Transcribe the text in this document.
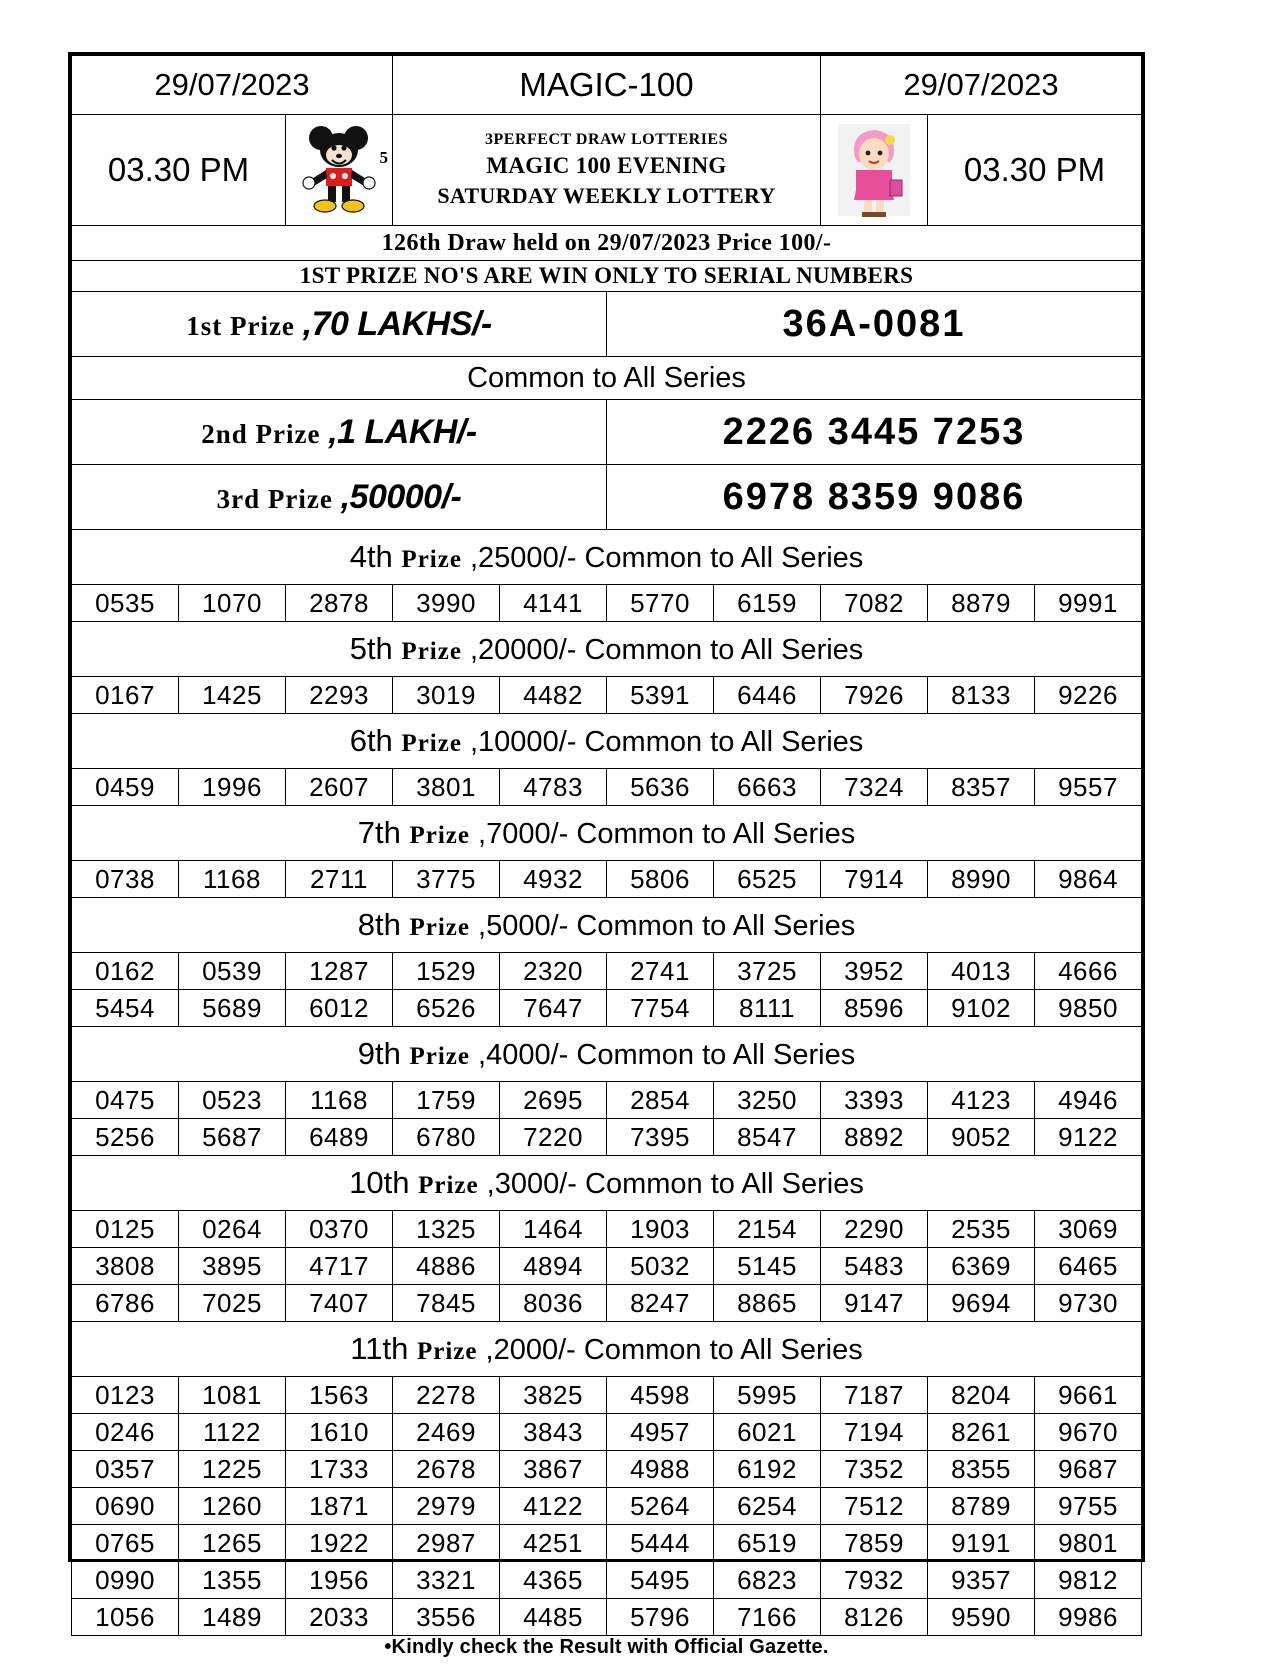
29/07/2023			MAGIC-100				29/07/2023		
03.30 PM		5	3PERFECT DRAW LOTTERIES
MAGIC 100 EVENING
SATURDAY WEEKLY LOTTERY					03.30 PM	
126th Draw held on 29/07/2023 Price 100/-									
1ST PRIZE NO'S ARE WIN ONLY TO SERIAL NUMBERS									
1st Prize ,70 LAKHS/-					36A-0081				
Common to All Series									
2nd Prize ,1 LAKH/-					2226 3445 7253				
3rd Prize ,50000/-					6978 8359 9086				
4th Prize ,25000/- Common to All Series									
0535	1070	2878	3990	4141	5770	6159	7082	8879	9991
5th Prize ,20000/- Common to All Series									
0167	1425	2293	3019	4482	5391	6446	7926	8133	9226
6th Prize ,10000/- Common to All Series									
0459	1996	2607	3801	4783	5636	6663	7324	8357	9557
7th Prize ,7000/- Common to All Series									
0738	1168	2711	3775	4932	5806	6525	7914	8990	9864
8th Prize ,5000/- Common to All Series									
0162	0539	1287	1529	2320	2741	3725	3952	4013	4666
5454	5689	6012	6526	7647	7754	8111	8596	9102	9850
9th Prize ,4000/- Common to All Series									
0475	0523	1168	1759	2695	2854	3250	3393	4123	4946
5256	5687	6489	6780	7220	7395	8547	8892	9052	9122
10th Prize ,3000/- Common to All Series									
0125	0264	0370	1325	1464	1903	2154	2290	2535	3069
3808	3895	4717	4886	4894	5032	5145	5483	6369	6465
6786	7025	7407	7845	8036	8247	8865	9147	9694	9730
11th Prize ,2000/- Common to All Series									
0123	1081	1563	2278	3825	4598	5995	7187	8204	9661
0246	1122	1610	2469	3843	4957	6021	7194	8261	9670
0357	1225	1733	2678	3867	4988	6192	7352	8355	9687
0690	1260	1871	2979	4122	5264	6254	7512	8789	9755
0765	1265	1922	2987	4251	5444	6519	7859	9191	9801
0990	1355	1956	3321	4365	5495	6823	7932	9357	9812
1056	1489	2033	3556	4485	5796	7166	8126	9590	9986
•Kindly check the Result with Official Gazette.
